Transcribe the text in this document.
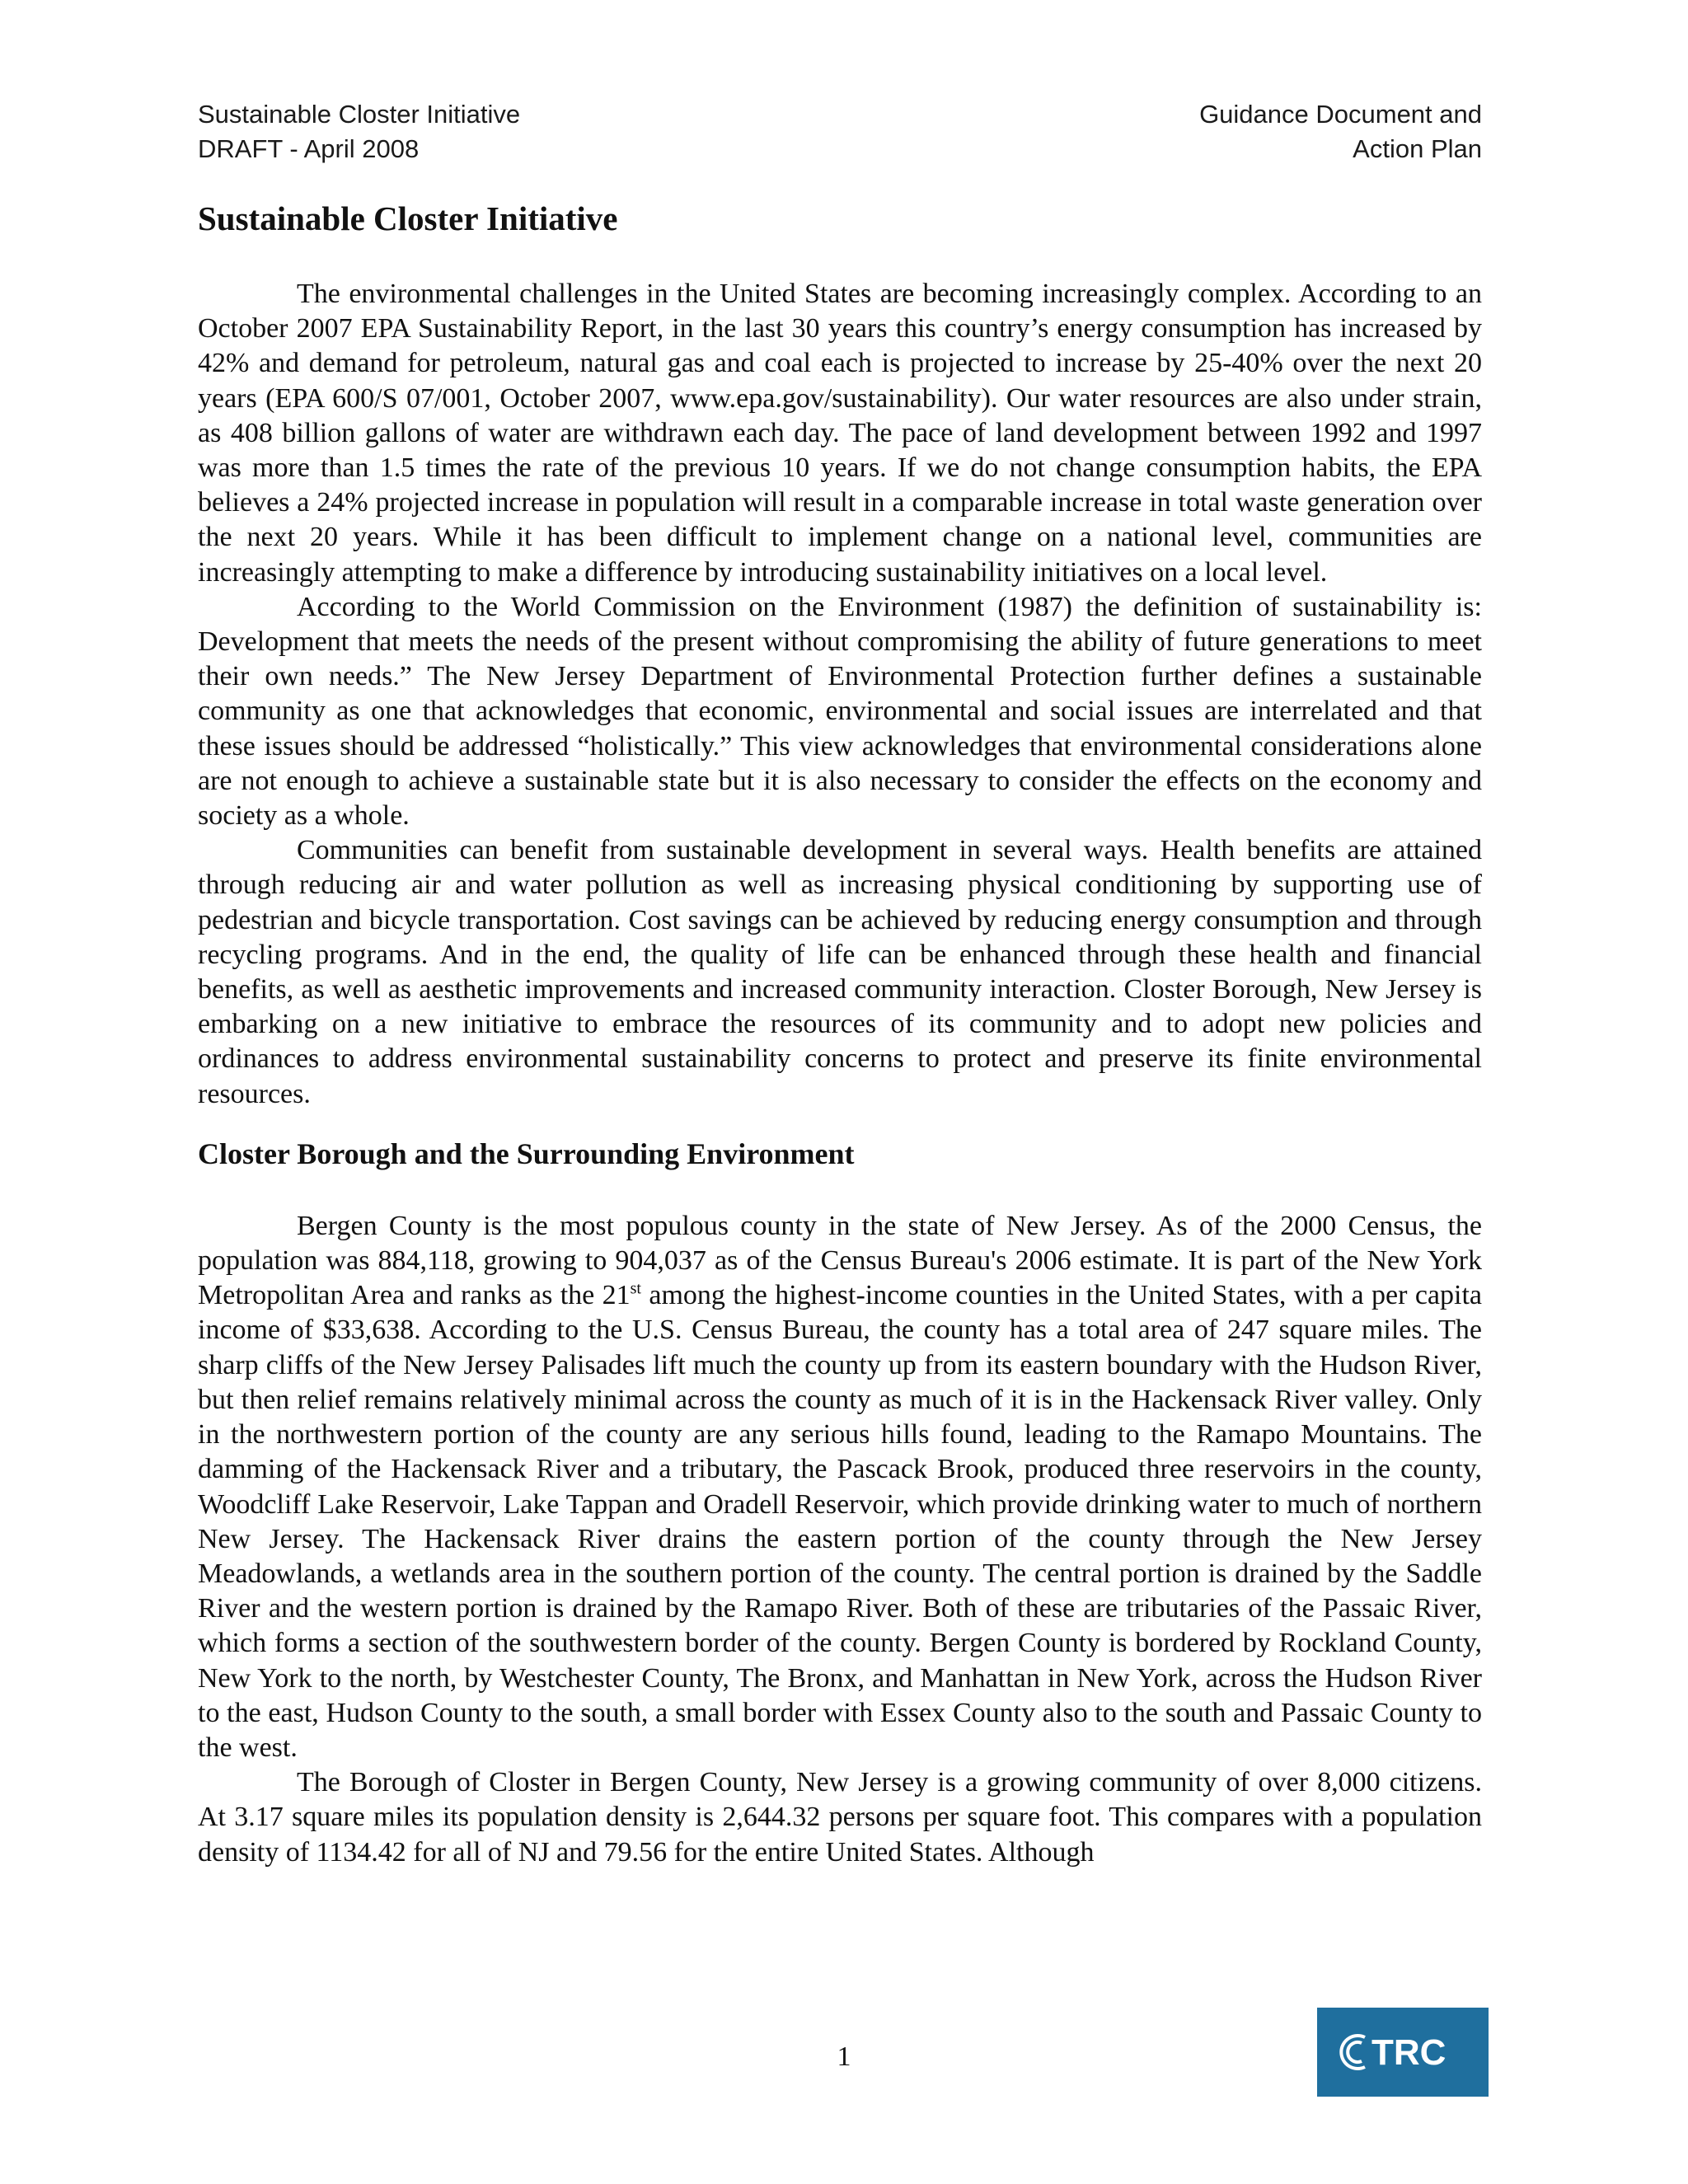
Sustainable Closter Initiative
DRAFT - April 2008
Guidance Document and
Action Plan
Sustainable Closter Initiative

The environmental challenges in the United States are becoming increasingly complex. According to an October 2007 EPA Sustainability Report, in the last 30 years this country’s energy consumption has increased by 42% and demand for petroleum, natural gas and coal each is projected to increase by 25-40% over the next 20 years (EPA 600/S 07/001, October 2007, www.epa.gov/sustainability). Our water resources are also under strain, as 408 billion gallons of water are withdrawn each day. The pace of land development between 1992 and 1997 was more than 1.5 times the rate of the previous 10 years. If we do not change consumption habits, the EPA believes a 24% projected increase in population will result in a comparable increase in total waste generation over the next 20 years. While it has been difficult to implement change on a national level, communities are increasingly attempting to make a difference by introducing sustainability initiatives on a local level.

According to the World Commission on the Environment (1987) the definition of sustainability is: Development that meets the needs of the present without compromising the ability of future generations to meet their own needs.” The New Jersey Department of Environmental Protection further defines a sustainable community as one that acknowledges that economic, environmental and social issues are interrelated and that these issues should be addressed “holistically.” This view acknowledges that environmental considerations alone are not enough to achieve a sustainable state but it is also necessary to consider the effects on the economy and society as a whole.

Communities can benefit from sustainable development in several ways. Health benefits are attained through reducing air and water pollution as well as increasing physical conditioning by supporting use of pedestrian and bicycle transportation. Cost savings can be achieved by reducing energy consumption and through recycling programs. And in the end, the quality of life can be enhanced through these health and financial benefits, as well as aesthetic improvements and increased community interaction. Closter Borough, New Jersey is embarking on a new initiative to embrace the resources of its community and to adopt new policies and ordinances to address environmental sustainability concerns to protect and preserve its finite environmental resources.

Closter Borough and the Surrounding Environment

Bergen County is the most populous county in the state of New Jersey. As of the 2000 Census, the population was 884,118, growing to 904,037 as of the Census Bureau's 2006 estimate. It is part of the New York Metropolitan Area and ranks as the 21st among the highest-income counties in the United States, with a per capita income of $33,638. According to the U.S. Census Bureau, the county has a total area of 247 square miles. The sharp cliffs of the New Jersey Palisades lift much the county up from its eastern boundary with the Hudson River, but then relief remains relatively minimal across the county as much of it is in the Hackensack River valley. Only in the northwestern portion of the county are any serious hills found, leading to the Ramapo Mountains. The damming of the Hackensack River and a tributary, the Pascack Brook, produced three reservoirs in the county, Woodcliff Lake Reservoir, Lake Tappan and Oradell Reservoir, which provide drinking water to much of northern New Jersey. The Hackensack River drains the eastern portion of the county through the New Jersey Meadowlands, a wetlands area in the southern portion of the county. The central portion is drained by the Saddle River and the western portion is drained by the Ramapo River. Both of these are tributaries of the Passaic River, which forms a section of the southwestern border of the county. Bergen County is bordered by Rockland County, New York to the north, by Westchester County, The Bronx, and Manhattan in New York, across the Hudson River to the east, Hudson County to the south, a small border with Essex County also to the south and Passaic County to the west.

The Borough of Closter in Bergen County, New Jersey is a growing community of over 8,000 citizens. At 3.17 square miles its population density is 2,644.32 persons per square foot. This compares with a population density of 1134.42 for all of NJ and 79.56 for the entire United States. Although

1	TRC
